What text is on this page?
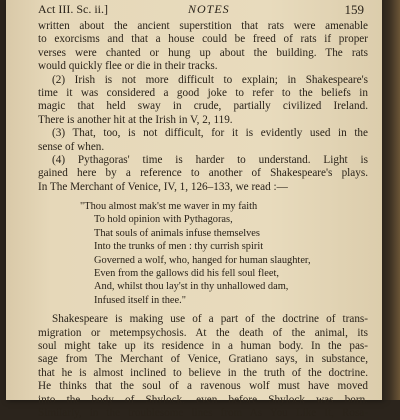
Act III. Sc. ii.]	NOTES	159
written about the ancient superstition that rats were amenable
to exorcisms and that a house could be freed of rats if proper
verses were chanted or hung up about the building. The rats
would quickly flee or die in their tracks.
(2) Irish is not more difficult to explain; in Shakespeare's
time it was considered a good joke to refer to the beliefs in
magic that held sway in crude, partially civilized Ireland.
There is another hit at the Irish in V, 2, 119.
(3) That, too, is not difficult, for it is evidently used in the
sense of when.
(4) Pythagoras' time is harder to understand. Light is
gained here by a reference to another of Shakespeare's plays.
In The Merchant of Venice, IV, 1, 126–133, we read :—
"Thou almost mak'st me waver in my faith
To hold opinion with Pythagoras,
That souls of animals infuse themselves
Into the trunks of men : thy currish spirit
Governed a wolf, who, hanged for human slaughter,
Even from the gallows did his fell soul fleet,
And, whilst thou lay'st in thy unhallowed dam,
Infused itself in thee."
Shakespeare is making use of a part of the doctrine of trans-
migration or metempsychosis. At the death of the animal, its
soul might take up its residence in a human body. In the pas-
sage from The Merchant of Venice, Gratiano says, in substance,
that he is almost inclined to believe in the truth of the doctrine.
He thinks that the soul of a ravenous wolf must have moved
into the body of Shylock, even before Shylock was born.
Similarly, in the troublesome lines from As You Like It, Rosa-
